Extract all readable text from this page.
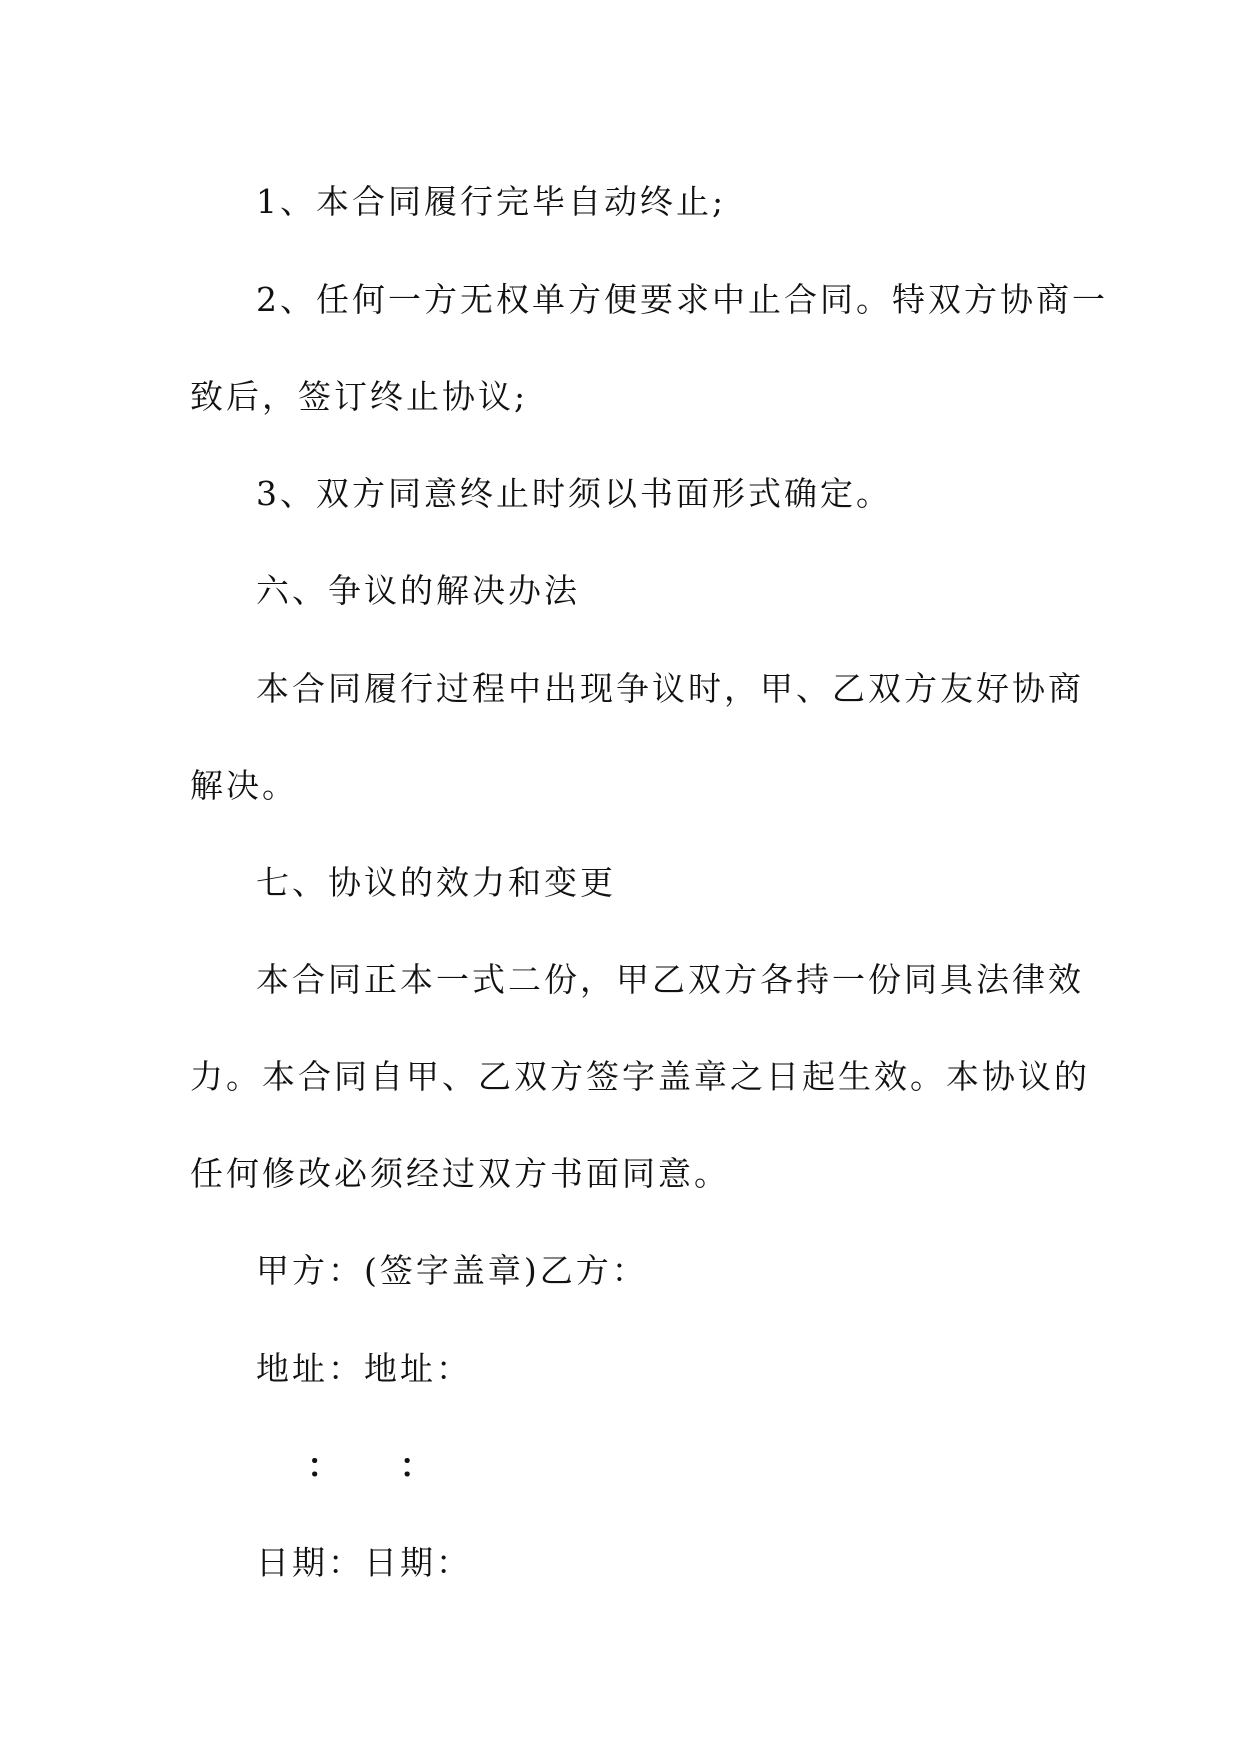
1、本合同履行完毕自动终止;
2、任何一方无权单方便要求中止合同。特双方协商一
致后，签订终止协议;
3、双方同意终止时须以书面形式确定。
六、争议的解决办法
本合同履行过程中出现争议时，甲、乙双方友好协商
解决。
七、协议的效力和变更
本合同正本一式二份，甲乙双方各持一份同具法律效
力。本合同自甲、乙双方签字盖章之日起生效。本协议的
任何修改必须经过双方书面同意。
甲方：(签字盖章)乙方：
地址：地址：
： ：
日期：日期：
